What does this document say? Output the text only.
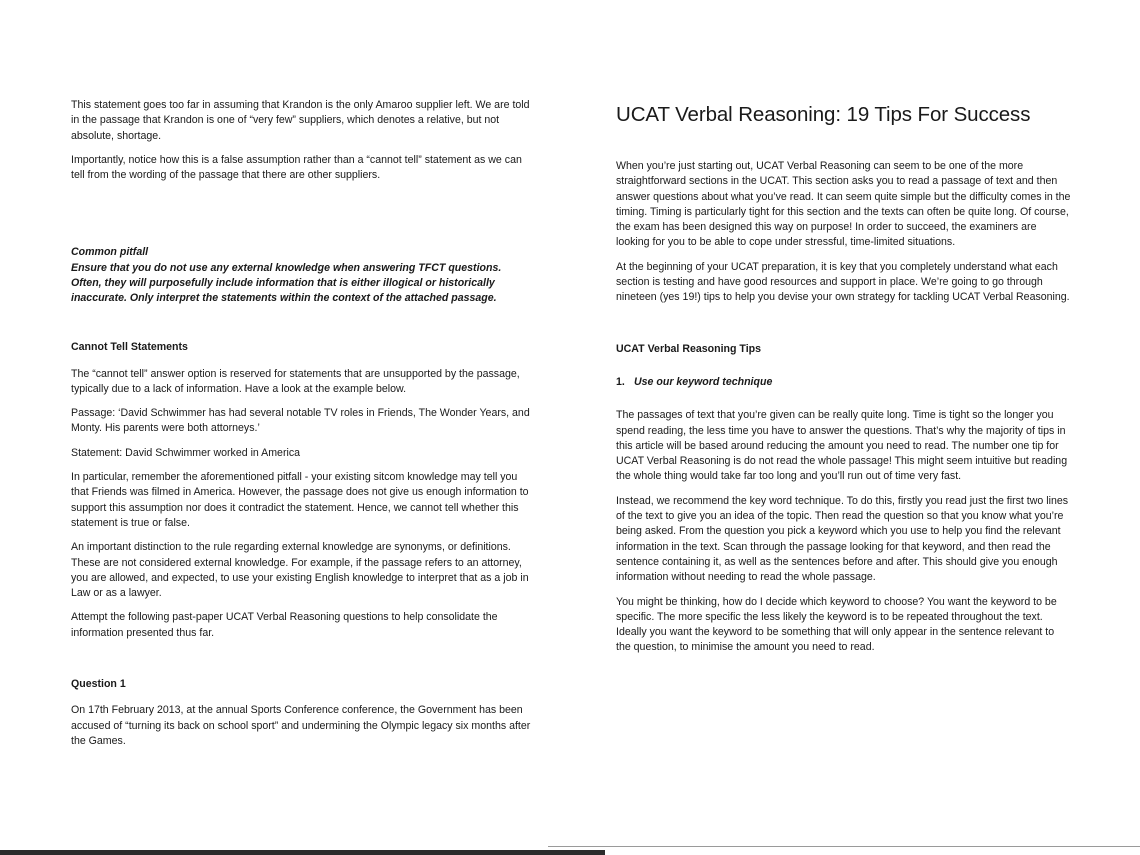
This statement goes too far in assuming that Krandon is the only Amaroo supplier left. We are told in the passage that Krandon is one of “very few” suppliers, which denotes a relative, but not absolute, shortage.

Importantly, notice how this is a false assumption rather than a “cannot tell” statement as we can tell from the wording of the passage that there are other suppliers.

Common pitfall

Ensure that you do not use any external knowledge when answering TFCT questions. Often, they will purposefully include information that is either illogical or historically inaccurate. Only interpret the statements within the context of the attached passage.

Cannot Tell Statements

The “cannot tell” answer option is reserved for statements that are unsupported by the passage, typically due to a lack of information. Have a look at the example below.

Passage: ‘David Schwimmer has had several notable TV roles in Friends, The Wonder Years, and Monty. His parents were both attorneys.’

Statement: David Schwimmer worked in America

In particular, remember the aforementioned pitfall - your existing sitcom knowledge may tell you that Friends was filmed in America. However, the passage does not give us enough information to support this assumption nor does it contradict the statement. Hence, we cannot tell whether this statement is true or false.

An important distinction to the rule regarding external knowledge are synonyms, or definitions. These are not considered external knowledge. For example, if the passage refers to an attorney, you are allowed, and expected, to use your existing English knowledge to interpret that as a job in Law or as a lawyer.

Attempt the following past-paper UCAT Verbal Reasoning questions to help consolidate the information presented thus far.

Question 1

On 17th February 2013, at the annual Sports Conference conference, the Government has been accused of “turning its back on school sport” and undermining the Olympic legacy six months after the Games.

UCAT Verbal Reasoning: 19 Tips For Success

When you’re just starting out, UCAT Verbal Reasoning can seem to be one of the more straightforward sections in the UCAT. This section asks you to read a passage of text and then answer questions about what you’ve read. It can seem quite simple but the difficulty comes in the timing. Timing is particularly tight for this section and the texts can often be quite long. Of course, the exam has been designed this way on purpose! In order to succeed, the examiners are looking for you to be able to cope under stressful, time-limited situations.

At the beginning of your UCAT preparation, it is key that you completely understand what each section is testing and have good resources and support in place. We’re going to go through nineteen (yes 19!) tips to help you devise your own strategy for tackling UCAT Verbal Reasoning.

UCAT Verbal Reasoning Tips

1. Use our keyword technique

The passages of text that you’re given can be really quite long. Time is tight so the longer you spend reading, the less time you have to answer the questions. That’s why the majority of tips in this article will be based around reducing the amount you need to read. The number one tip for UCAT Verbal Reasoning is do not read the whole passage! This might seem intuitive but reading the whole thing would take far too long and you’ll run out of time very fast.

Instead, we recommend the key word technique. To do this, firstly you read just the first two lines of the text to give you an idea of the topic. Then read the question so that you know what you’re being asked. From the question you pick a keyword which you use to help you find the relevant information in the text. Scan through the passage looking for that keyword, and then read the sentence containing it, as well as the sentences before and after. This should give you enough information without needing to read the whole passage.

You might be thinking, how do I decide which keyword to choose? You want the keyword to be specific. The more specific the less likely the keyword is to be repeated throughout the text. Ideally you want the keyword to be something that will only appear in the sentence relevant to the question, to minimise the amount you need to read.
